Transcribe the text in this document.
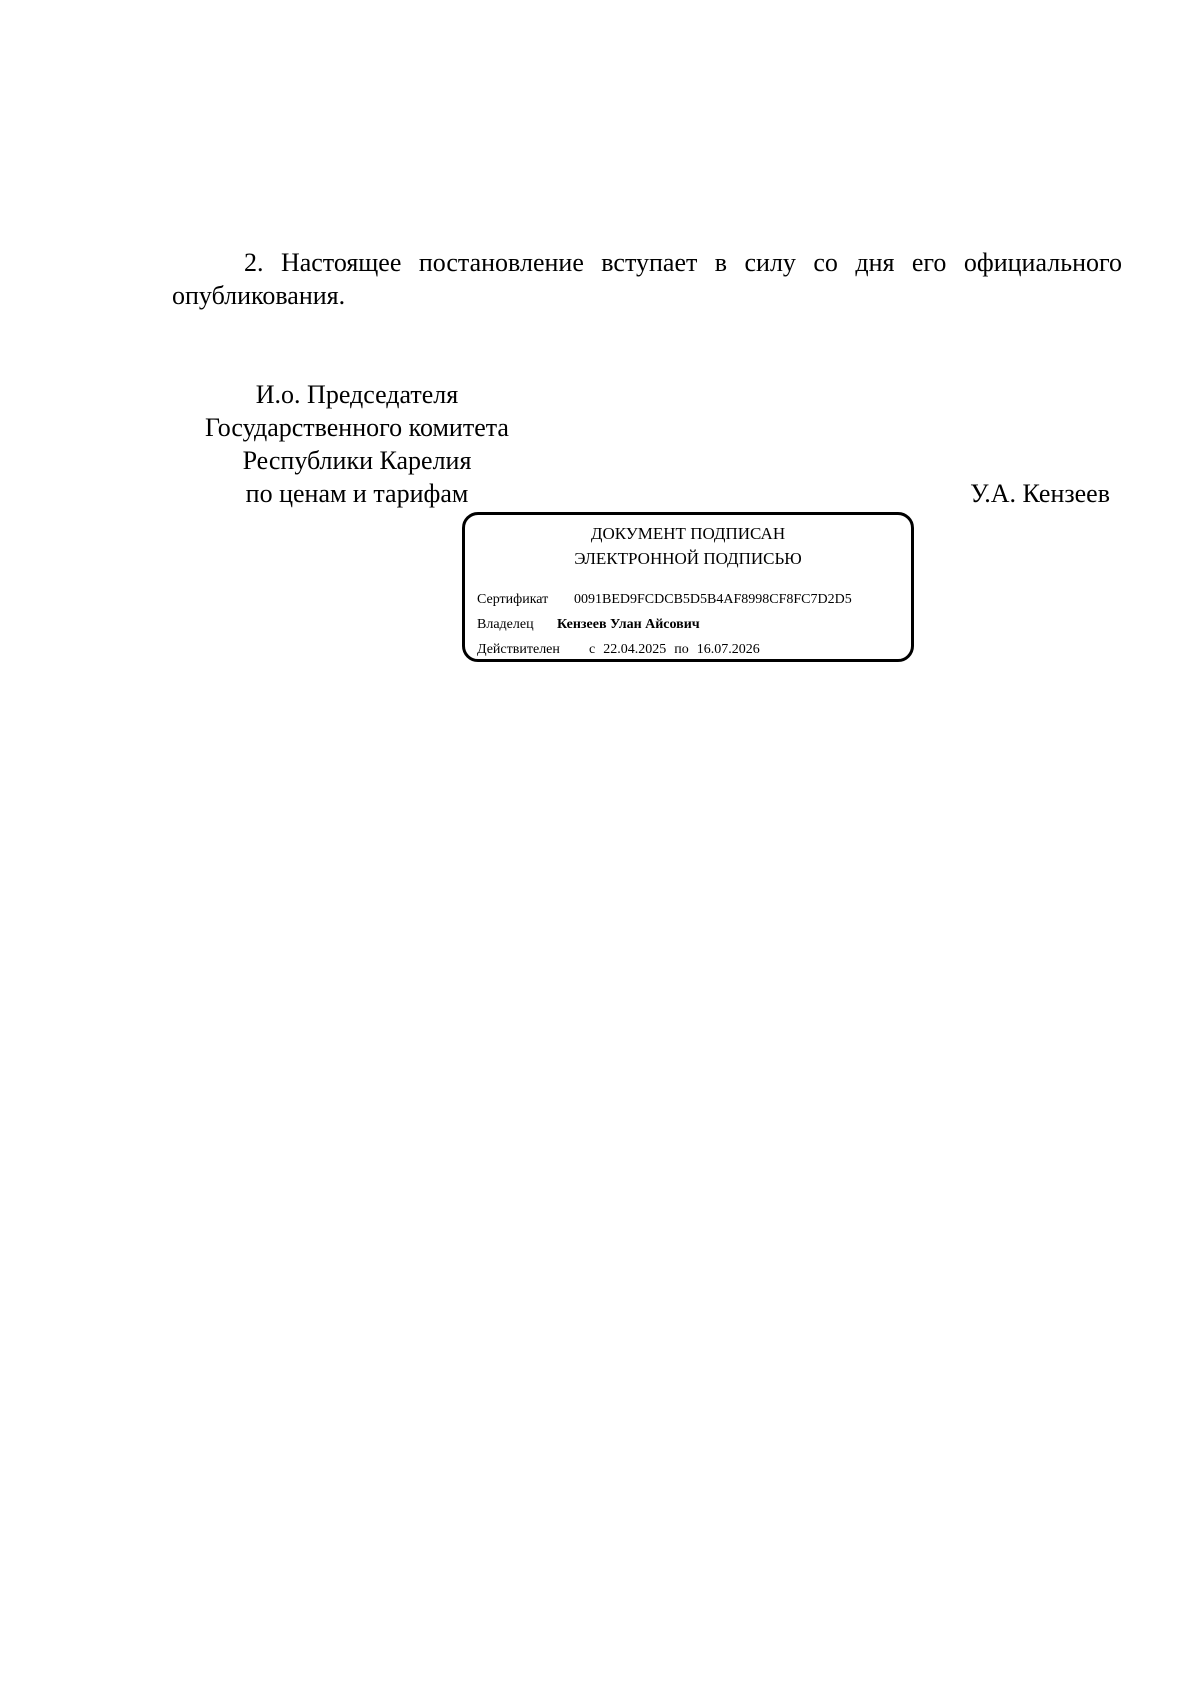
2. Настоящее постановление вступает в силу со дня его официального опубликования.
И.о. Председателя
Государственного комитета
Республики Карелия
по ценам и тарифам	У.А. Кензеев
ДОКУМЕНТ ПОДПИСАН
ЭЛЕКТРОННОЙ ПОДПИСЬЮ
Сертификат 0091BED9FCDCB5D5B4AF8998CF8FC7D2D5
Владелец Кензеев Улан Айсович
Действителен с 22.04.2025 по 16.07.2026
